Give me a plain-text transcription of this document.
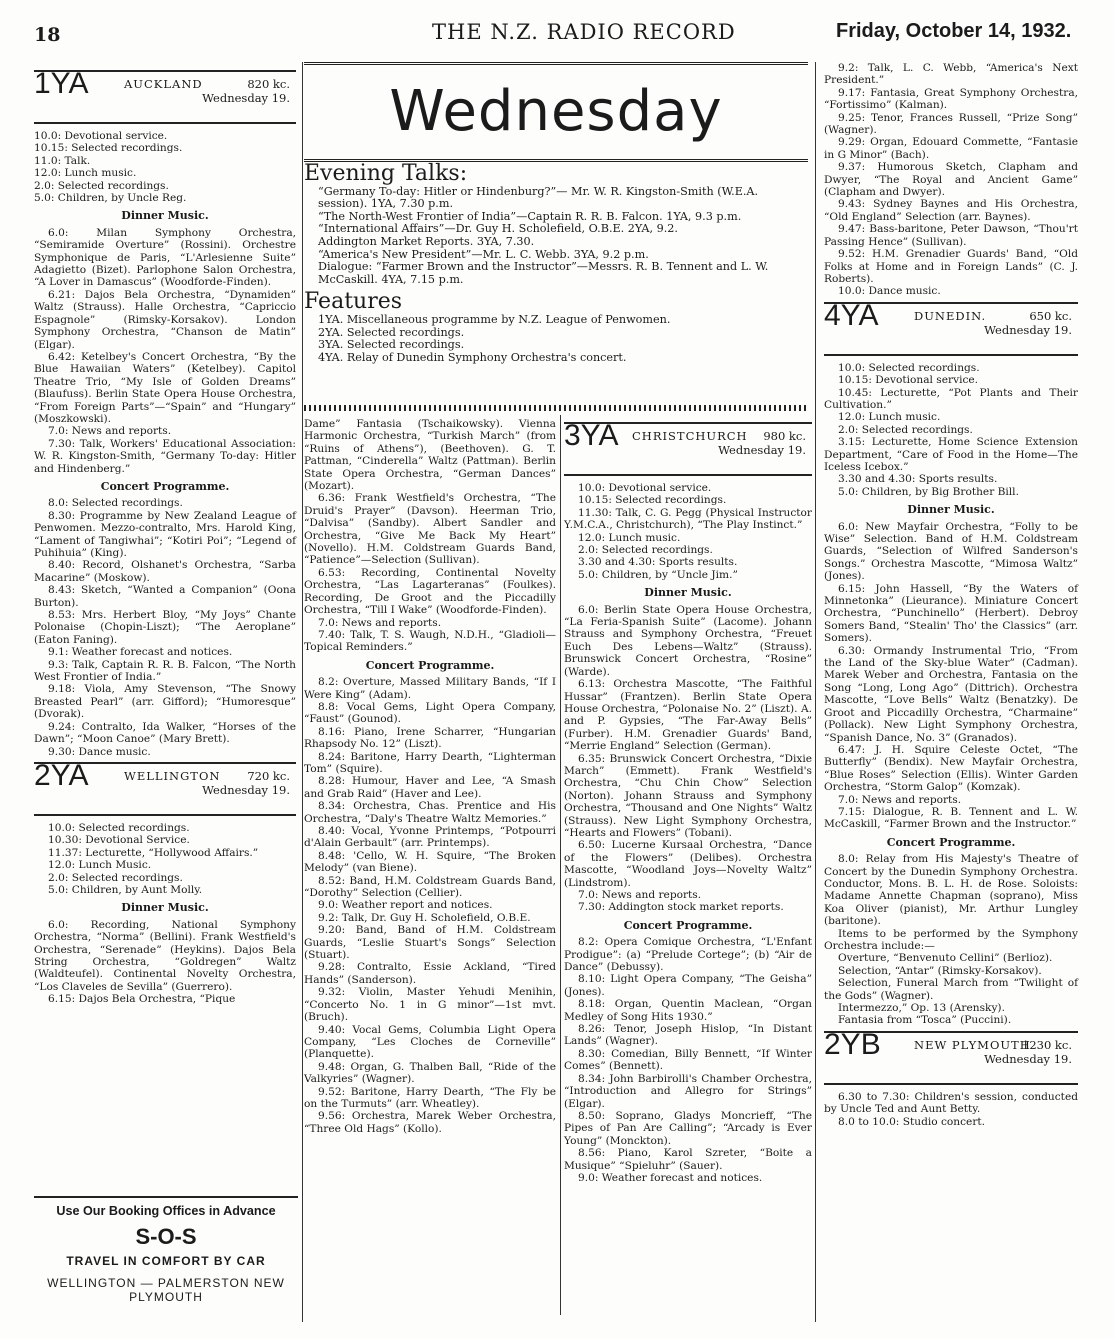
18	THE N.Z. RADIO RECORD	Friday, October 14, 1932.
1YA	AUCKLAND	820 kc.
Wednesday 19.

10.0: Devotional service.

10.15: Selected recordings.

11.0: Talk.

12.0: Lunch music.

2.0: Selected recordings.

5.0: Children, by Uncle Reg.

Dinner Music.

6.0: Milan Symphony Orchestra, “Semiramide Overture” (Rossini). Orchestre Symphonique de Paris, “L'Arlesienne Suite” Adagietto (Bizet). Parlophone Salon Orchestra, “A Lover in Damascus” (Woodforde-Finden).

6.21: Dajos Bela Orchestra, “Dynamiden” Waltz (Strauss). Halle Orchestra, “Capriccio Espagnole” (Rimsky-Korsakov). London Symphony Orchestra, “Chanson de Matin” (Elgar).

6.42: Ketelbey's Concert Orchestra, “By the Blue Hawaiian Waters” (Ketelbey). Capitol Theatre Trio, “My Isle of Golden Dreams” (Blaufuss). Berlin State Opera House Orchestra, “From Foreign Parts”—“Spain” and “Hungary” (Moszkowski).

7.0: News and reports.

7.30: Talk, Workers' Educational Association: W. R. Kingston-Smith, “Germany To-day: Hitler and Hindenberg.”

Concert Programme.

8.0: Selected recordings.

8.30: Programme by New Zealand League of Penwomen. Mezzo-contralto, Mrs. Harold King, “Lament of Tangiwhai”; “Kotiri Poi”; “Legend of Puhihuia” (King).

8.40: Record, Olshanet's Orchestra, “Sarba Macarine” (Moskow).

8.43: Sketch, “Wanted a Companion” (Oona Burton).

8.53: Mrs. Herbert Bloy, “My Joys” Chante Polonaise (Chopin-Liszt); “The Aeroplane” (Eaton Faning).

9.1: Weather forecast and notices.

9.3: Talk, Captain R. R. B. Falcon, “The North West Frontier of India.”

9.18: Viola, Amy Stevenson, “The Snowy Breasted Pearl” (arr. Gifford); “Humoresque” (Dvorak).

9.24: Contralto, Ida Walker, “Horses of the Dawn”; “Moon Canoe” (Mary Brett).

9.30: Dance music.

2YA	WELLINGTON 720 kc.
Wednesday 19.

10.0: Selected recordings.

10.30: Devotional Service.

11.37: Lecturette, “Hollywood Affairs.”

12.0: Lunch Music.

2.0: Selected recordings.

5.0: Children, by Aunt Molly.

Dinner Music.

6.0: Recording, National Symphony Orchestra, “Norma” (Bellini). Frank Westfield's Orchestra, “Serenade” (Heykins). Dajos Bela String Orchestra, “Goldregen” Waltz (Waldteufel). Continental Novelty Orchestra, “Los Claveles de Sevilla” (Guerrero).

6.15: Dajos Bela Orchestra, “Pique

Use Our Booking Offices in Advance
S-O-S
TRAVEL IN COMFORT BY CAR
WELLINGTON — PALMERSTON NEW PLYMOUTH
Wednesday
Evening Talks:

“Germany To-day: Hitler or Hindenburg?”— Mr. W. R. Kingston-Smith (W.E.A. session). 1YA, 7.30 p.m.

“The North-West Frontier of India”—Captain R. R. B. Falcon. 1YA, 9.3 p.m.

“International Affairs”—Dr. Guy H. Scholefield, O.B.E. 2YA, 9.2.

Addington Market Reports. 3YA, 7.30.

“America's New President”—Mr. L. C. Webb. 3YA, 9.2 p.m.

Dialogue: “Farmer Brown and the Instructor”—Messrs. R. B. Tennent and L. W. McCaskill. 4YA, 7.15 p.m.

Features

1YA. Miscellaneous programme by N.Z. League of Penwomen.

2YA. Selected recordings.

3YA. Selected recordings.

4YA. Relay of Dunedin Symphony Orchestra's concert.

Dame” Fantasia (Tschaikowsky). Vienna Harmonic Orchestra, “Turkish March” (from “Ruins of Athens”), (Beethoven). G. T. Pattman, “Cinderella” Waltz (Pattman). Berlin State Opera Orchestra, “German Dances” (Mozart).

6.36: Frank Westfield's Orchestra, “The Druid's Prayer” (Davson). Heerman Trio, “Dalvisa” (Sandby). Albert Sandler and Orchestra, “Give Me Back My Heart” (Novello). H.M. Coldstream Guards Band, “Patience”—Selection (Sullivan).

6.53: Recording, Continental Novelty Orchestra, “Las Lagarteranas” (Foulkes). Recording, De Groot and the Piccadilly Orchestra, “Till I Wake” (Woodforde-Finden).

7.0: News and reports.

7.40: Talk, T. S. Waugh, N.D.H., “Gladioli—Topical Reminders.”

Concert Programme.

8.2: Overture, Massed Military Bands, “If I Were King” (Adam).

8.8: Vocal Gems, Light Opera Company, “Faust” (Gounod).

8.16: Piano, Irene Scharrer, “Hungarian Rhapsody No. 12” (Liszt).

8.24: Baritone, Harry Dearth, “Lighterman Tom” (Squire).

8.28: Humour, Haver and Lee, “A Smash and Grab Raid” (Haver and Lee).

8.34: Orchestra, Chas. Prentice and His Orchestra, “Daly's Theatre Waltz Memories.”

8.40: Vocal, Yvonne Printemps, “Potpourri d'Alain Gerbault” (arr. Printemps).

8.48: 'Cello, W. H. Squire, “The Broken Melody” (van Biene).

8.52: Band, H.M. Coldstream Guards Band, “Dorothy” Selection (Cellier).

9.0: Weather report and notices.

9.2: Talk, Dr. Guy H. Scholefield, O.B.E.

9.20: Band, Band of H.M. Coldstream Guards, “Leslie Stuart's Songs” Selection (Stuart).

9.28: Contralto, Essie Ackland, “Tired Hands” (Sanderson).

9.32: Violin, Master Yehudi Menihin, “Concerto No. 1 in G minor”—1st mvt. (Bruch).

9.40: Vocal Gems, Columbia Light Opera Company, “Les Cloches de Corneville” (Planquette).

9.48: Organ, G. Thalben Ball, “Ride of the Valkyries” (Wagner).

9.52: Baritone, Harry Dearth, “The Fly be on the Turmuts” (arr. Wheatley).

9.56: Orchestra, Marek Weber Orchestra, “Three Old Hags” (Kollo).

3YA CHRISTCHURCH 980 kc.
Wednesday 19.

10.0: Devotional service.

10.15: Selected recordings.

11.30: Talk, C. G. Pegg (Physical Instructor Y.M.C.A., Christchurch), “The Play Instinct.”

12.0: Lunch music.

2.0: Selected recordings.

3.30 and 4.30: Sports results.

5.0: Children, by “Uncle Jim.”

Dinner Music.

6.0: Berlin State Opera House Orchestra, “La Feria-Spanish Suite” (Lacome). Johann Strauss and Symphony Orchestra, “Freuet Euch Des Lebens—Waltz” (Strauss). Brunswick Concert Orchestra, “Rosine” (Warde).

6.13: Orchestra Mascotte, “The Faithful Hussar” (Frantzen). Berlin State Opera House Orchestra, “Polonaise No. 2” (Liszt). A. and P. Gypsies, “The Far-Away Bells” (Furber). H.M. Grenadier Guards' Band, “Merrie England” Selection (German).

6.35: Brunswick Concert Orchestra, “Dixie March” (Emmett). Frank Westfield's Orchestra, “Chu Chin Chow” Selection (Norton). Johann Strauss and Symphony Orchestra, “Thousand and One Nights” Waltz (Strauss). New Light Symphony Orchestra, “Hearts and Flowers” (Tobani).

6.50: Lucerne Kursaal Orchestra, “Dance of the Flowers” (Delibes). Orchestra Mascotte, “Woodland Joys—Novelty Waltz” (Lindstrom).

7.0: News and reports.

7.30: Addington stock market reports.

Concert Programme.

8.2: Opera Comique Orchestra, “L'Enfant Prodigue”: (a) “Prelude Cortege”; (b) “Air de Dance” (Debussy).

8.10: Light Opera Company, “The Geisha” (Jones).

8.18: Organ, Quentin Maclean, “Organ Medley of Song Hits 1930.”

8.26: Tenor, Joseph Hislop, “In Distant Lands” (Wagner).

8.30: Comedian, Billy Bennett, “If Winter Comes” (Bennett).

8.34: John Barbirolli's Chamber Orchestra, “Introduction and Allegro for Strings” (Elgar).

8.50: Soprano, Gladys Moncrieff, “The Pipes of Pan Are Calling”; “Arcady is Ever Young” (Monckton).

8.56: Piano, Karol Szreter, “Boite a Musique” “Spieluhr” (Sauer).

9.0: Weather forecast and notices.

9.2: Talk, L. C. Webb, “America's Next President.”

9.17: Fantasia, Great Symphony Orchestra, “Fortissimo” (Kalman).

9.25: Tenor, Frances Russell, “Prize Song” (Wagner).

9.29: Organ, Edouard Commette, “Fantasie in G Minor” (Bach).

9.37: Humorous Sketch, Clapham and Dwyer, “The Royal and Ancient Game” (Clapham and Dwyer).

9.43: Sydney Baynes and His Orchestra, “Old England” Selection (arr. Baynes).

9.47: Bass-baritone, Peter Dawson, “Thou'rt Passing Hence” (Sullivan).

9.52: H.M. Grenadier Guards' Band, “Old Folks at Home and in Foreign Lands” (C. J. Roberts).

10.0: Dance music.

4YA	DUNEDIN.	650 kc.
Wednesday 19.

10.0: Selected recordings.

10.15: Devotional service.

10.45: Lecturette, “Pot Plants and Their Cultivation.”

12.0: Lunch music.

2.0: Selected recordings.

3.15: Lecturette, Home Science Extension Department, “Care of Food in the Home—The Iceless Icebox.”

3.30 and 4.30: Sports results.

5.0: Children, by Big Brother Bill.

Dinner Music.

6.0: New Mayfair Orchestra, “Folly to be Wise” Selection. Band of H.M. Coldstream Guards, “Selection of Wilfred Sanderson's Songs.” Orchestra Mascotte, “Mimosa Waltz” (Jones).

6.15: John Hassell, “By the Waters of Minnetonka” (Lieurance). Miniature Concert Orchestra, “Punchinello” (Herbert). Debroy Somers Band, “Stealin' Tho' the Classics” (arr. Somers).

6.30: Ormandy Instrumental Trio, “From the Land of the Sky-blue Water” (Cadman). Marek Weber and Orchestra, Fantasia on the Song “Long, Long Ago” (Dittrich). Orchestra Mascotte, “Love Bells” Waltz (Benatzky). De Groot and Piccadilly Orchestra, “Charmaine” (Pollack). New Light Symphony Orchestra, “Spanish Dance, No. 3” (Granados).

6.47: J. H. Squire Celeste Octet, “The Butterfly” (Bendix). New Mayfair Orchestra, “Blue Roses” Selection (Ellis). Winter Garden Orchestra, “Storm Galop” (Komzak).

7.0: News and reports.

7.15: Dialogue, R. B. Tennent and L. W. McCaskill, “Farmer Brown and the Instructor.”

Concert Programme.

8.0: Relay from His Majesty's Theatre of Concert by the Dunedin Symphony Orchestra. Conductor, Mons. B. L. H. de Rose. Soloists: Madame Annette Chapman (soprano), Miss Koa Oliver (pianist), Mr. Arthur Lungley (baritone).

Items to be performed by the Symphony Orchestra include:—

Overture, “Benvenuto Cellini” (Berlioz).

Selection, “Antar” (Rimsky-Korsakov).

Selection, Funeral March from “Twilight of the Gods” (Wagner).

Intermezzo,” Op. 13 (Arensky).

Fantasia from “Tosca” (Puccini).

2YB	NEW PLYMOUTH
1230 kc.
Wednesday 19.

6.30 to 7.30: Children's session, conducted by Uncle Ted and Aunt Betty.

8.0 to 10.0: Studio concert.
